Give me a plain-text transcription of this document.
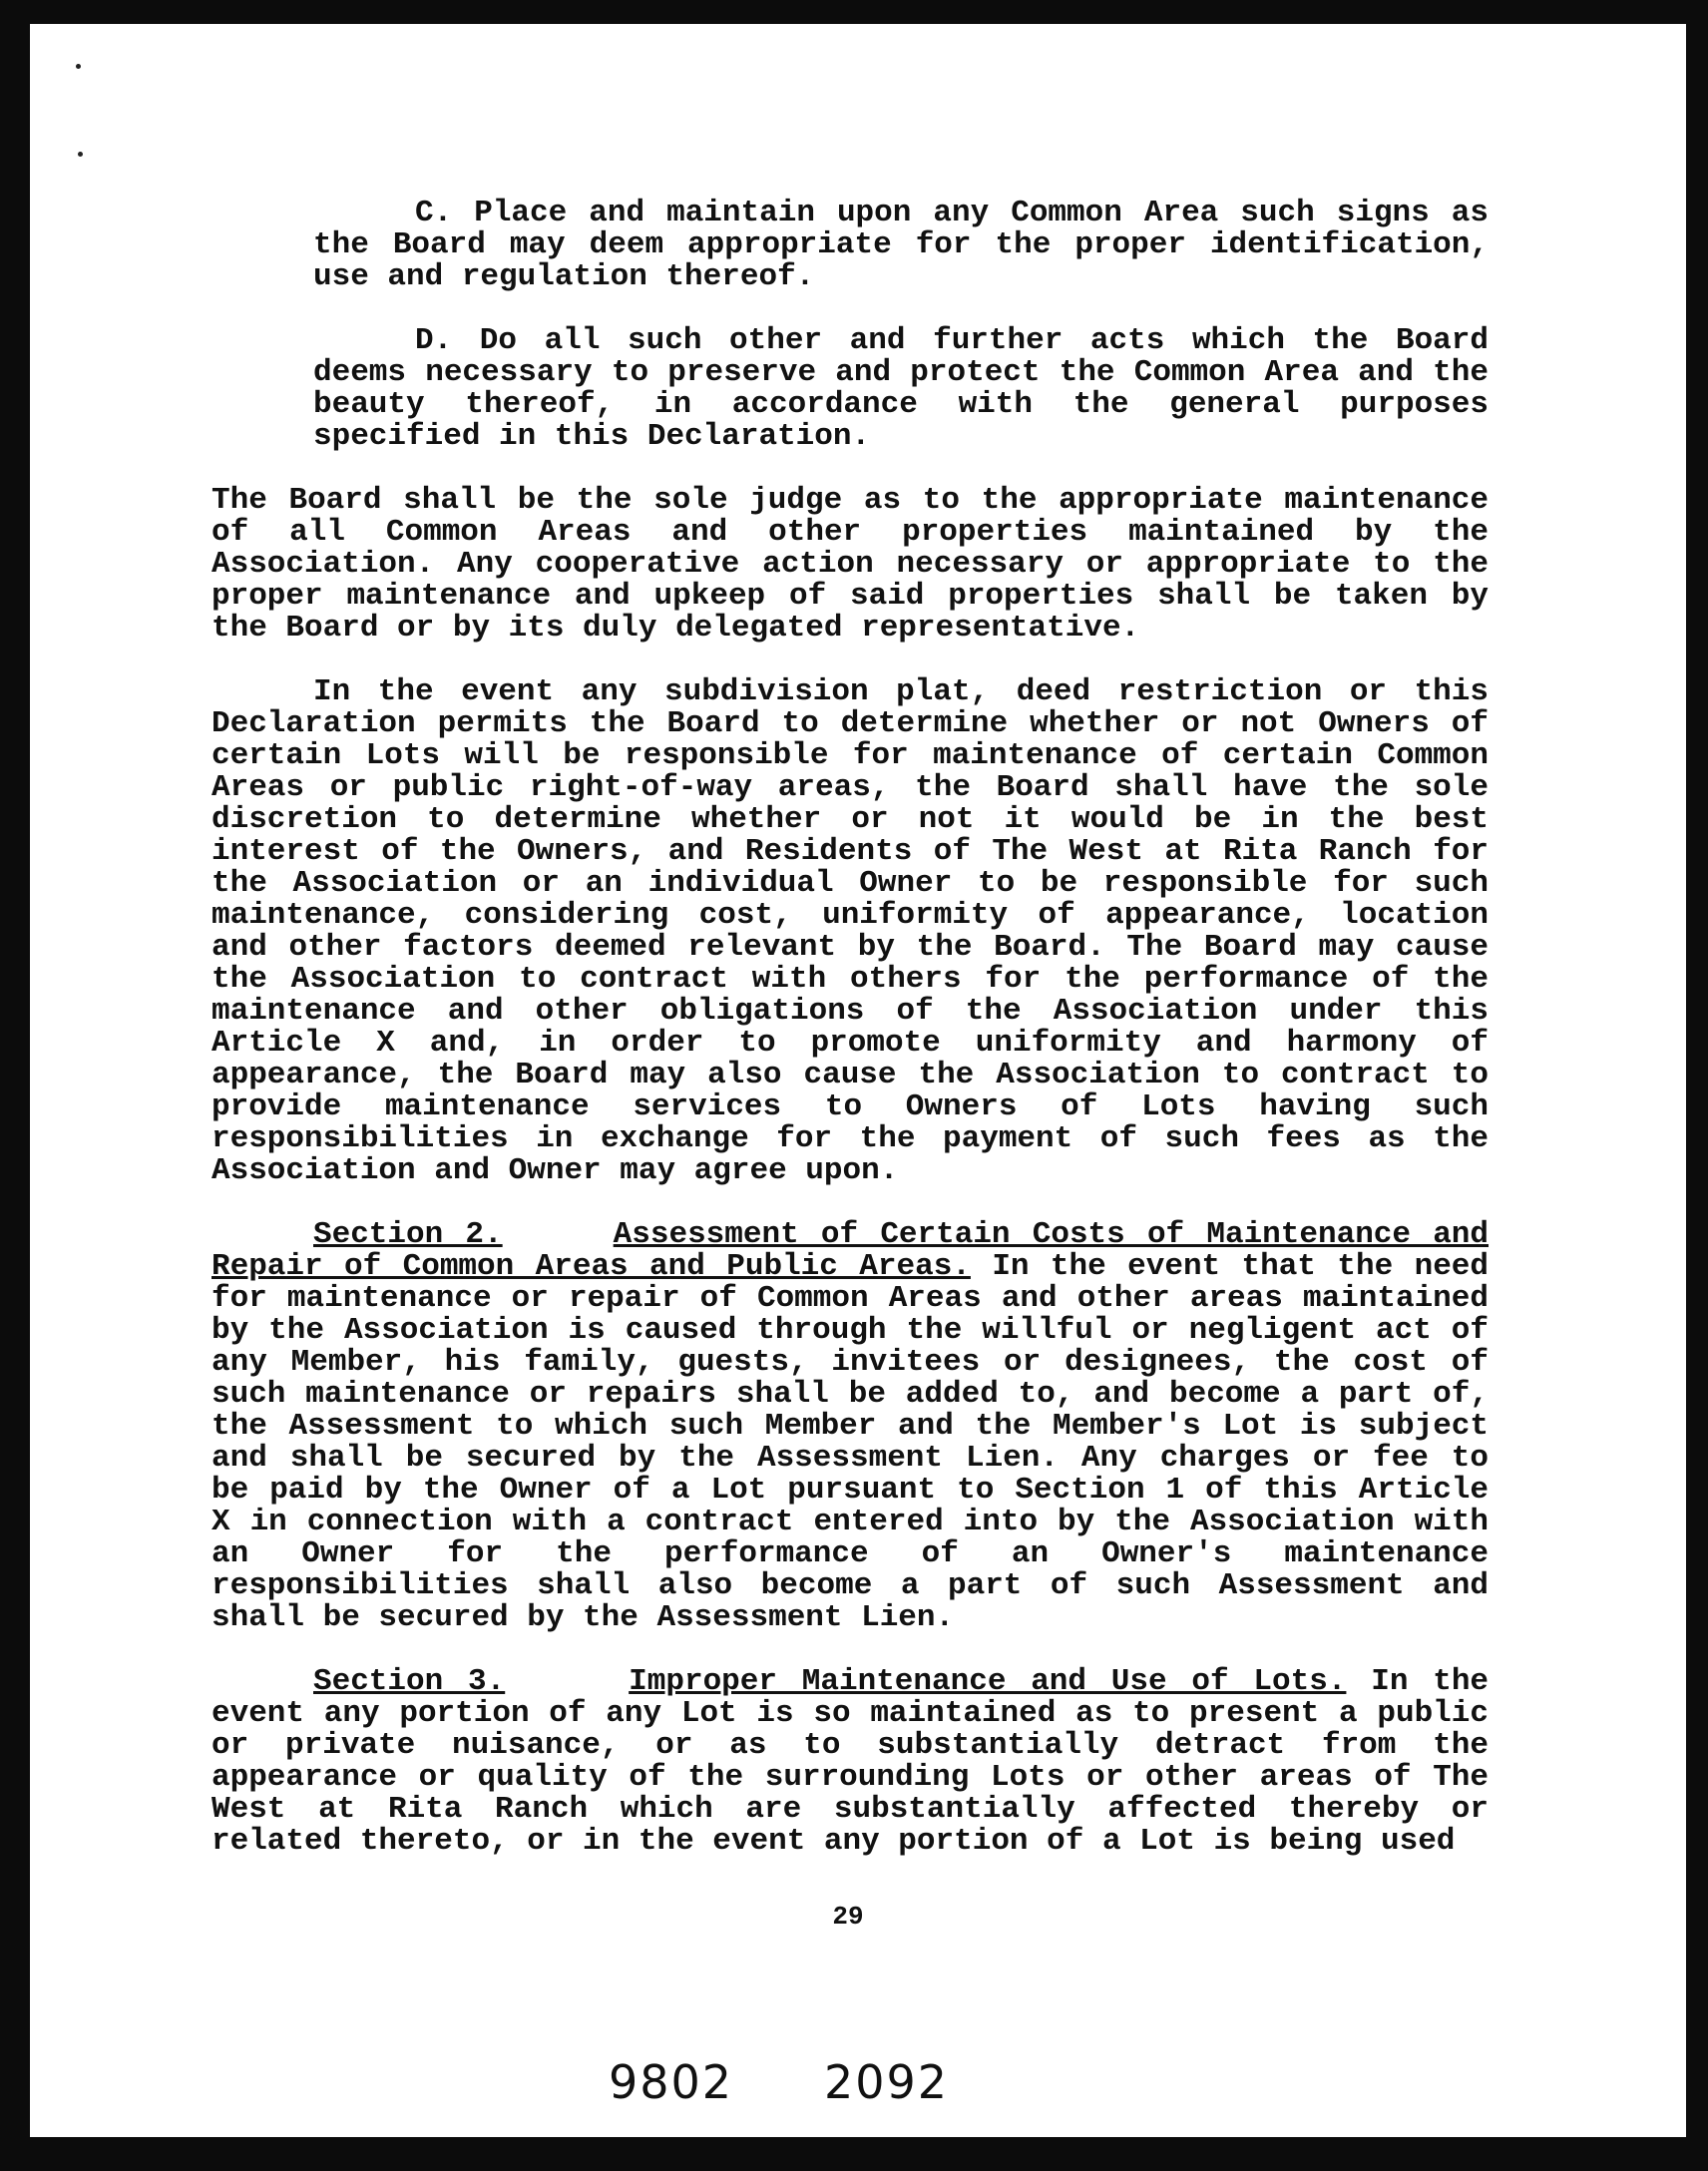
C. Place and maintain upon any Common Area such signs as the Board may deem appropriate for the proper identification, use and regulation thereof.

D. Do all such other and further acts which the Board deems necessary to preserve and protect the Common Area and the beauty thereof, in accordance with the general purposes specified in this Declaration.

The Board shall be the sole judge as to the appropriate maintenance of all Common Areas and other properties maintained by the Association. Any cooperative action necessary or appropriate to the proper maintenance and upkeep of said properties shall be taken by the Board or by its duly delegated representative.

In the event any subdivision plat, deed restriction or this Declaration permits the Board to determine whether or not Owners of certain Lots will be responsible for maintenance of certain Common Areas or public right-of-way areas, the Board shall have the sole discretion to determine whether or not it would be in the best interest of the Owners, and Residents of The West at Rita Ranch for the Association or an individual Owner to be responsible for such maintenance, considering cost, uniformity of appearance, location and other factors deemed relevant by the Board. The Board may cause the Association to contract with others for the performance of the maintenance and other obligations of the Association under this Article X and, in order to promote uniformity and harmony of appearance, the Board may also cause the Association to contract to provide maintenance services to Owners of Lots having such responsibilities in exchange for the payment of such fees as the Association and Owner may agree upon.

Section 2.	Assessment of Certain Costs of Maintenance and Repair of Common Areas and Public Areas. In the event that the need for maintenance or repair of Common Areas and other areas maintained by the Association is caused through the willful or negligent act of any Member, his family, guests, invitees or designees, the cost of such maintenance or repairs shall be added to, and become a part of, the Assessment to which such Member and the Member's Lot is subject and shall be secured by the Assessment Lien. Any charges or fee to be paid by the Owner of a Lot pursuant to Section 1 of this Article X in connection with a contract entered into by the Association with an Owner for the performance of an Owner's maintenance responsibilities shall also become a part of such Assessment and shall be secured by the Assessment Lien.

Section 3.	Improper Maintenance and Use of Lots. In the event any portion of any Lot is so maintained as to present a public or private nuisance, or as to substantially detract from the appearance or quality of the surrounding Lots or other areas of The West at Rita Ranch which are substantially affected thereby or related thereto, or in the event any portion of a Lot is being used

29
9802 2092
